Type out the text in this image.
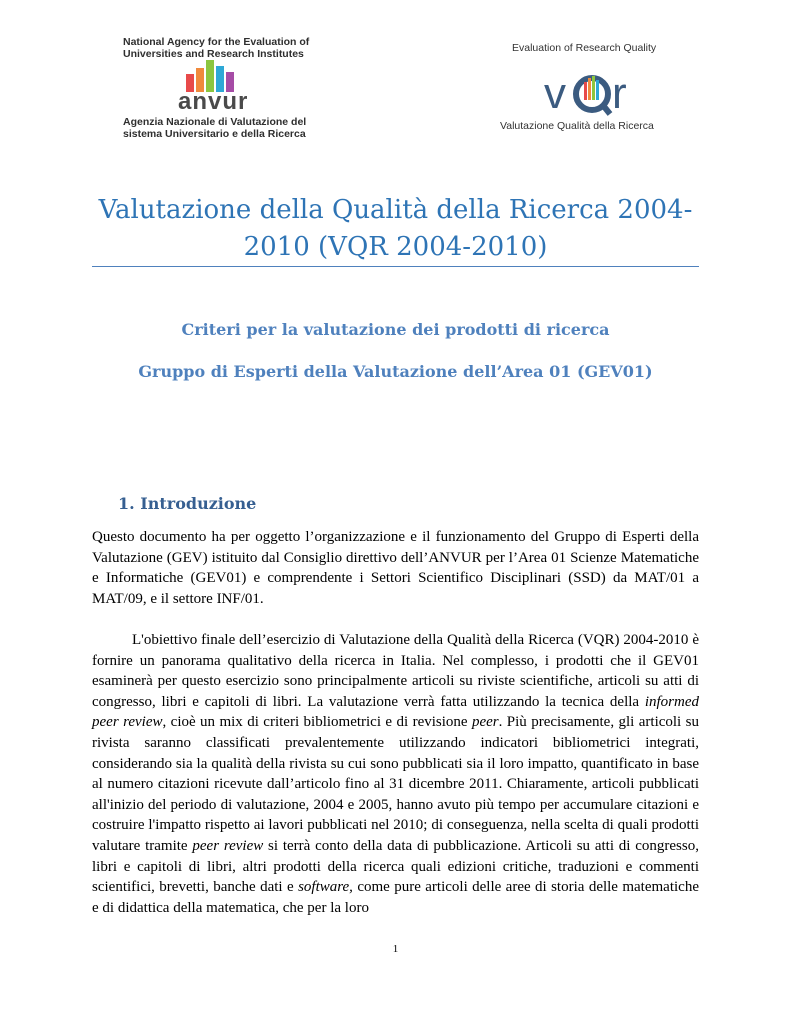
National Agency for the Evaluation of
Universities and Research Institutes
anvur
Agenzia Nazionale di Valutazione del
sistema Universitario e della Ricerca
Evaluation of Research Quality
v r
Valutazione Qualità della Ricerca
Valutazione della Qualità della Ricerca 2004-
2010 (VQR 2004-2010)
Criteri per la valutazione dei prodotti di ricerca
Gruppo di Esperti della Valutazione dell’Area 01 (GEV01)
1. Introduzione
Questo documento ha per oggetto l’organizzazione e il funzionamento del Gruppo di Esperti della Valutazione (GEV) istituito dal Consiglio direttivo dell’ANVUR per l’Area 01 Scienze Matematiche e Informatiche (GEV01) e comprendente i Settori Scientifico Disciplinari (SSD) da MAT/01 a MAT/09, e il settore INF/01.
L'obiettivo finale dell’esercizio di Valutazione della Qualità della Ricerca (VQR) 2004-2010 è fornire un panorama qualitativo della ricerca in Italia. Nel complesso, i prodotti che il GEV01 esaminerà per questo esercizio sono principalmente articoli su riviste scientifiche, articoli su atti di congresso, libri e capitoli di libri. La valutazione verrà fatta utilizzando la tecnica della informed peer review, cioè un mix di criteri bibliometrici e di revisione peer. Più precisamente, gli articoli su rivista saranno classificati prevalentemente utilizzando indicatori bibliometrici integrati, considerando sia la qualità della rivista su cui sono pubblicati sia il loro impatto, quantificato in base al numero citazioni ricevute dall’articolo fino al 31 dicembre 2011. Chiaramente, articoli pubblicati all'inizio del periodo di valutazione, 2004 e 2005, hanno avuto più tempo per accumulare citazioni e costruire l'impatto rispetto ai lavori pubblicati nel 2010; di conseguenza, nella scelta di quali prodotti valutare tramite peer review si terrà conto della data di pubblicazione. Articoli su atti di congresso, libri e capitoli di libri, altri prodotti della ricerca quali edizioni critiche, traduzioni e commenti scientifici, brevetti, banche dati e software, come pure articoli delle aree di storia delle matematiche e di didattica della matematica, che per la loro
1
